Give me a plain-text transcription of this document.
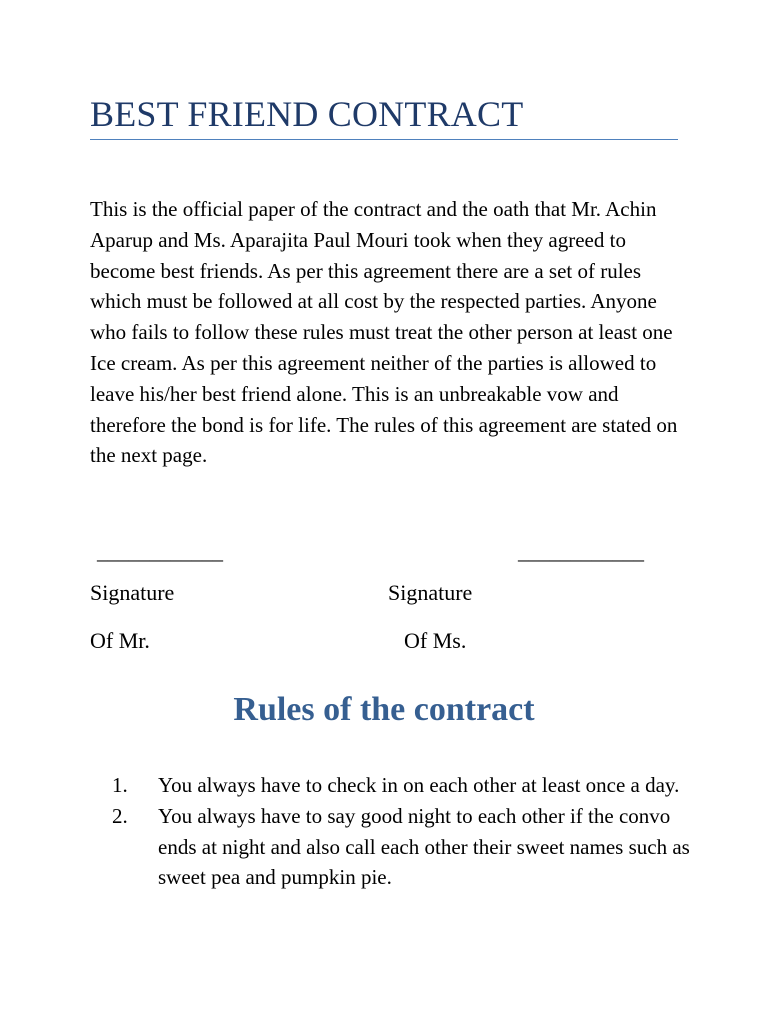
BEST FRIEND CONTRACT

This is the official paper of the contract and the oath that Mr. Achin Aparup and Ms. Aparajita Paul Mouri took when they agreed to become best friends. As per this agreement there are a set of rules which must be followed at all cost by the respected parties. Anyone who fails to follow these rules must treat the other person at least one Ice cream. As per this agreement neither of the parties is allowed to leave his/her best friend alone. This is an unbreakable vow and therefore the bond is for life. The rules of this agreement are stated on the next page.

____________	____________
Signature
Of Mr.
Signature
Of Ms.
Rules of the contract
1. You always have to check in on each other at least once a day.
2. You always have to say good night to each other if the convo ends at night and also call each other their sweet names such as sweet pea and pumpkin pie.
